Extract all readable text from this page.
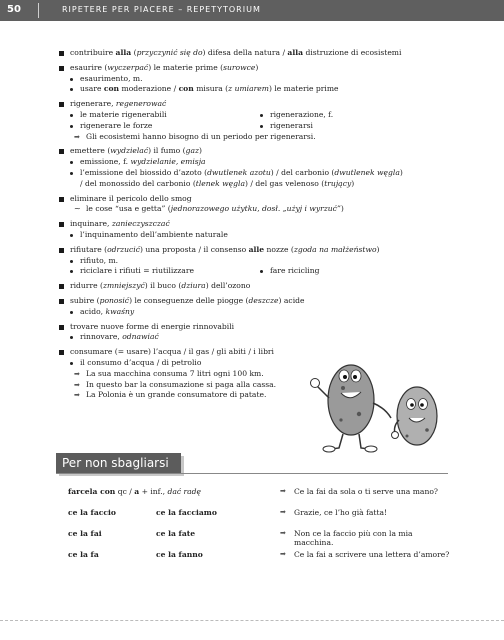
50	RIPETERE PER PIACERE – REPETYTORIUM
contribuire alla (przyczynić się do) difesa della natura / alla distruzione di ecosistemi
esaurire (wyczerpać) le materie prime (surowce)
esaurimento, m.
usare con moderazione / con misura (z umiarem) le materie prime
rigenerare, regenerować
le materie rigenerabili	rigenerazione, f.
rigenerare le forze	rigenerarsi
➡ Gli ecosistemi hanno bisogno di un periodo per rigenerarsi.
emettere (wydzielać) il fumo (gaz)
emissione, f. wydzielanie, emisja
l’emissione del biossido d’azoto (dwutlenek azotu) / del carbonio (dwutlenek węgla)
/ del monossido del carbonio (tlenek węgla) / del gas velenoso (trujący)
eliminare il pericolo dello smog
~ le cose “usa e getta” (jednorazowego użytku, dosł. „użyj i wyrzuć”)
inquinare, zanieczyszczać
l’inquinamento dell’ambiente naturale
rifiutare (odrzucić) una proposta / il consenso alle nozze (zgoda na małżeństwo)
rifiuto, m.
riciclare i rifiuti = riutilizzare	fare ricicling
ridurre (zmniejszyć) il buco (dziura) dell’ozono
subire (ponosić) le conseguenze delle piogge (deszcze) acide
acido, kwaśny
trovare nuove forme di energie rinnovabili
rinnovare, odnawiać
consumare (= usare) l’acqua / il gas / gli abiti / i libri
il consumo d’acqua / di petrolio
➡ La sua macchina consuma 7 litri ogni 100 km.
➡ In questo bar la consumazione si paga alla cassa.
➡ La Polonia è un grande consumatore di patate.
Per non sbagliarsi
farcela con qc / a + inf., dać radę
ce la faccio	ce la facciamo
ce la fai	ce la fate
ce la fa	ce la fanno
➡ Ce la fai da sola o ti serve una mano?
➡ Grazie, ce l’ho già fatta!
➡ Non ce la faccio più con la mia macchina.
➡ Ce la fai a scrivere una lettera d’amore?
